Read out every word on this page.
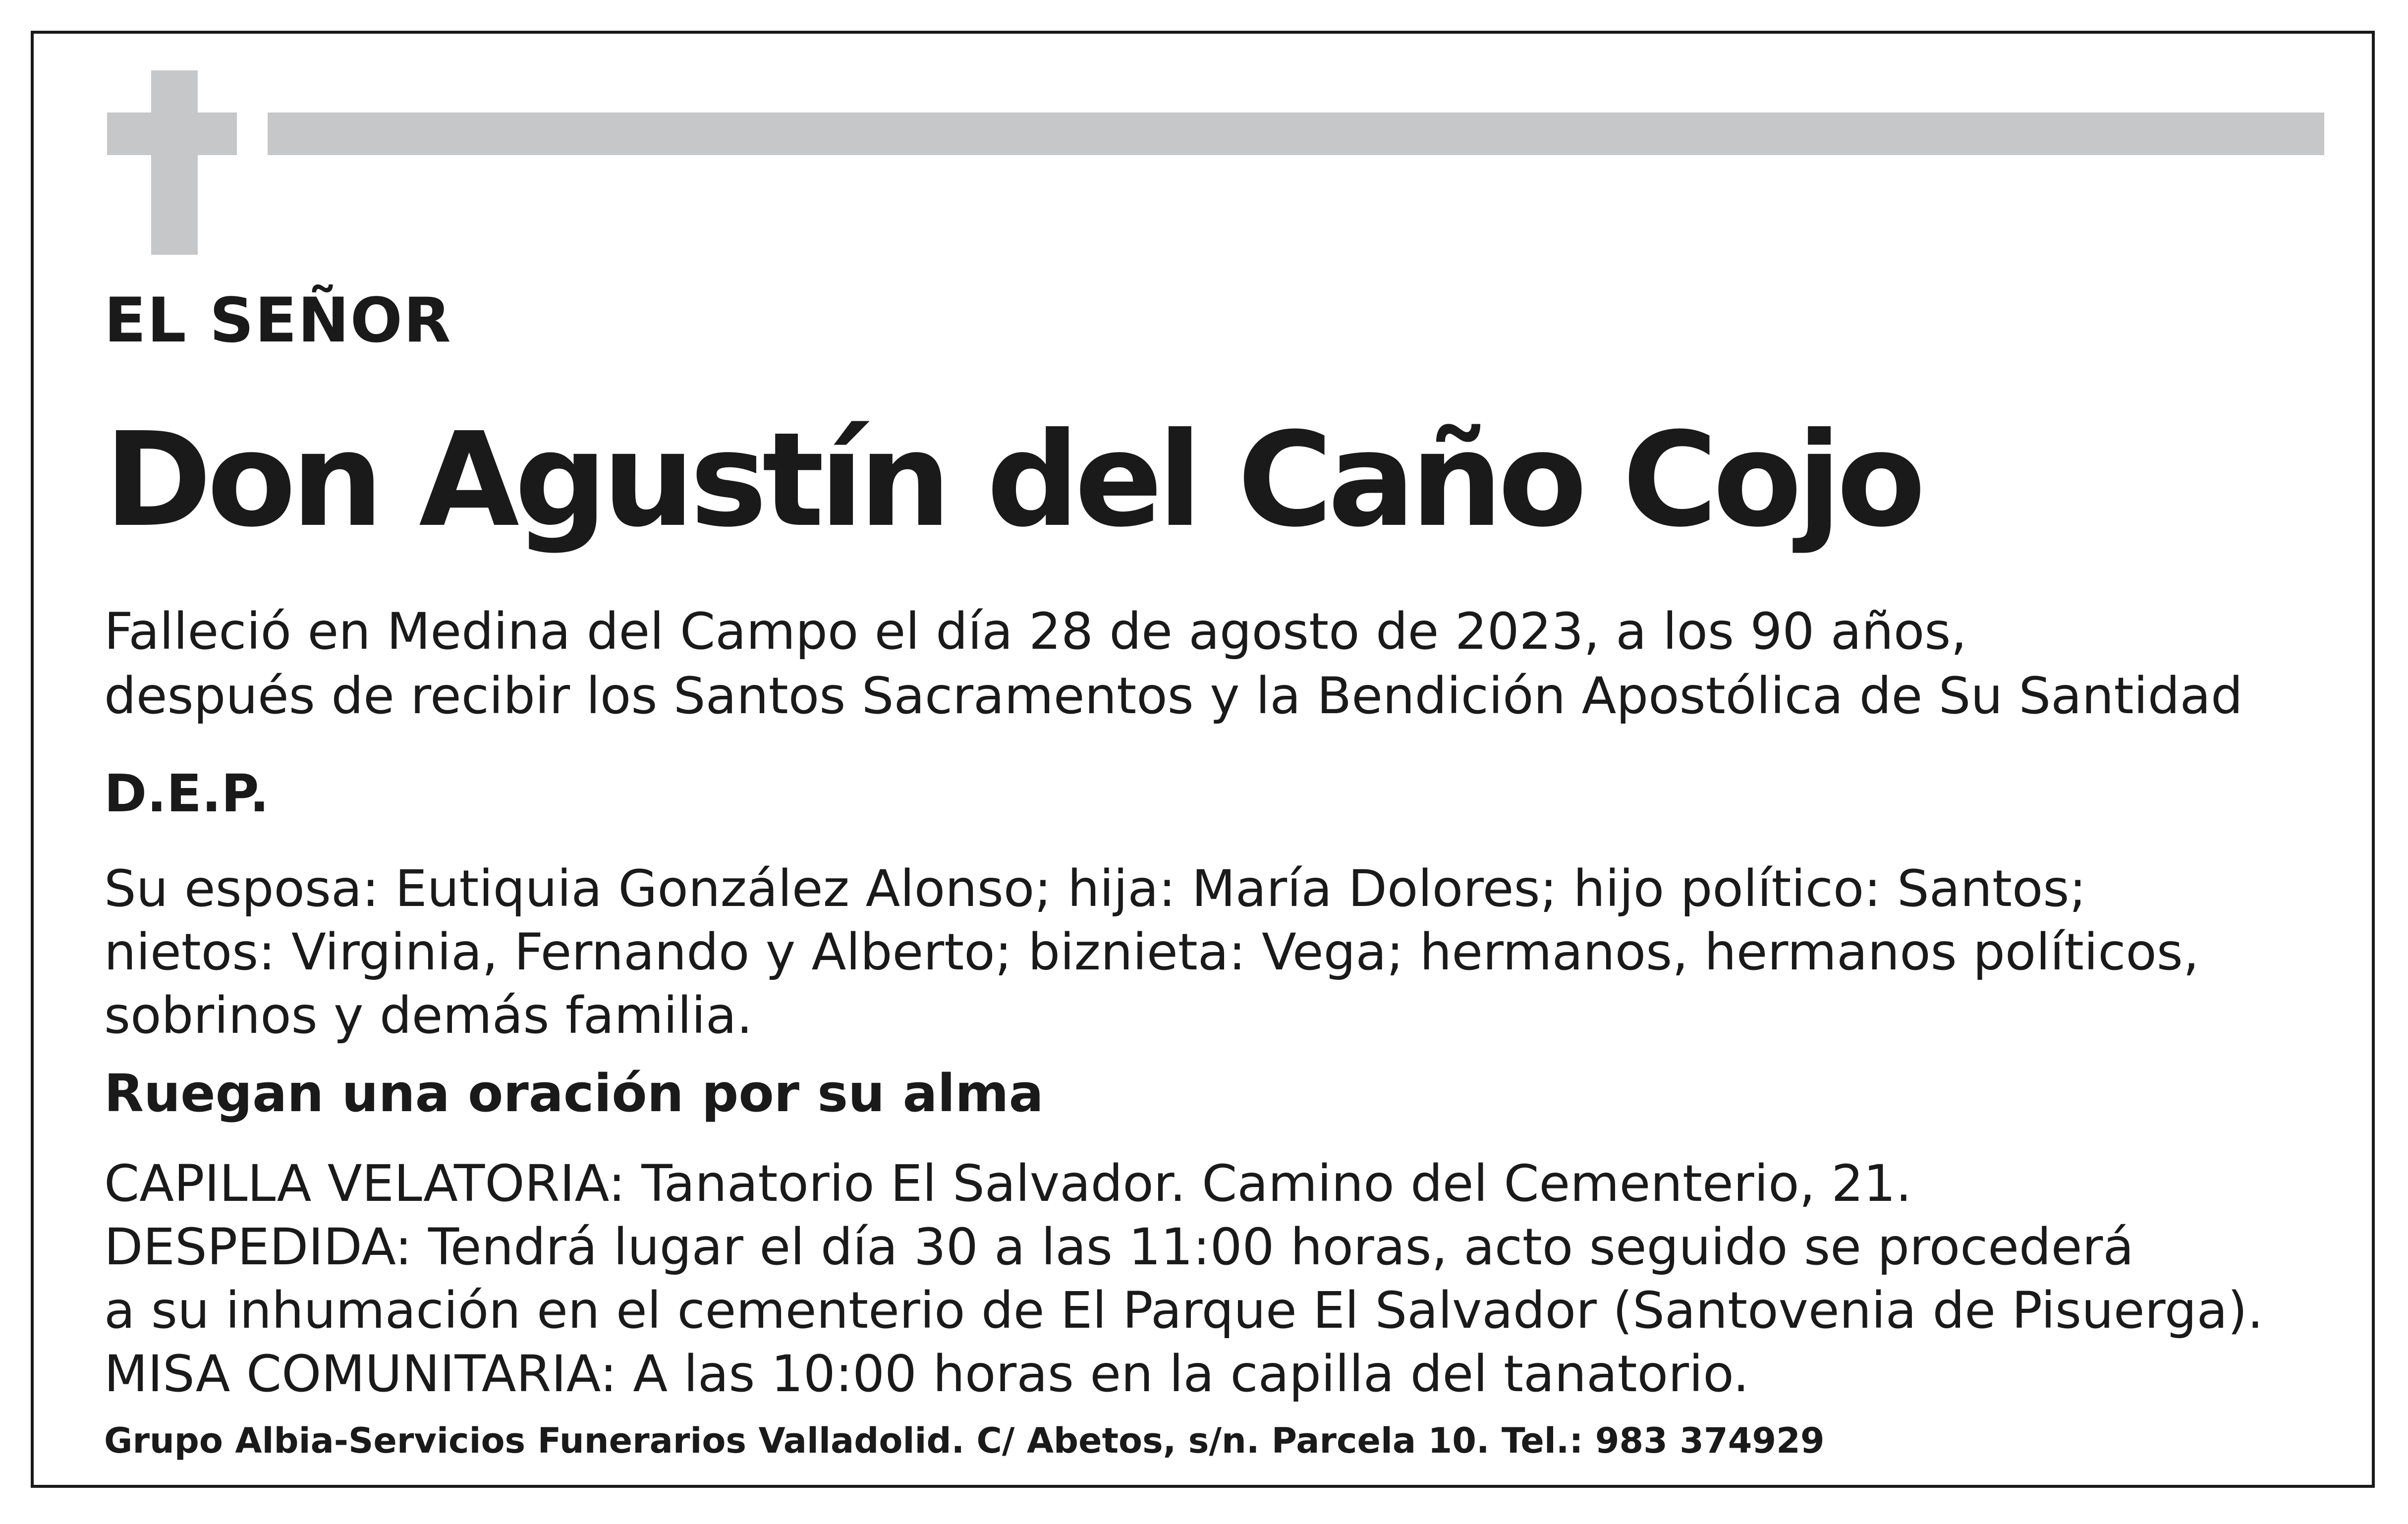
EL SEÑOR

Don Agustín del Caño Cojo

Falleció en Medina del Campo el día 28 de agosto de 2023, a los 90 años,
después de recibir los Santos Sacramentos y la Bendición Apostólica de Su Santidad

D.E.P.

Su esposa: Eutiquia González Alonso; hija: María Dolores; hijo político: Santos;
nietos: Virginia, Fernando y Alberto; biznieta: Vega; hermanos, hermanos políticos,
sobrinos y demás familia.

Ruegan una oración por su alma

CAPILLA VELATORIA: Tanatorio El Salvador. Camino del Cementerio, 21.
DESPEDIDA: Tendrá lugar el día 30 a las 11:00 horas, acto seguido se procederá
a su inhumación en el cementerio de El Parque El Salvador (Santovenia de Pisuerga).
MISA COMUNITARIA: A las 10:00 horas en la capilla del tanatorio.

Grupo Albia-Servicios Funerarios Valladolid. C/ Abetos, s/n. Parcela 10. Tel.: 983 374929
